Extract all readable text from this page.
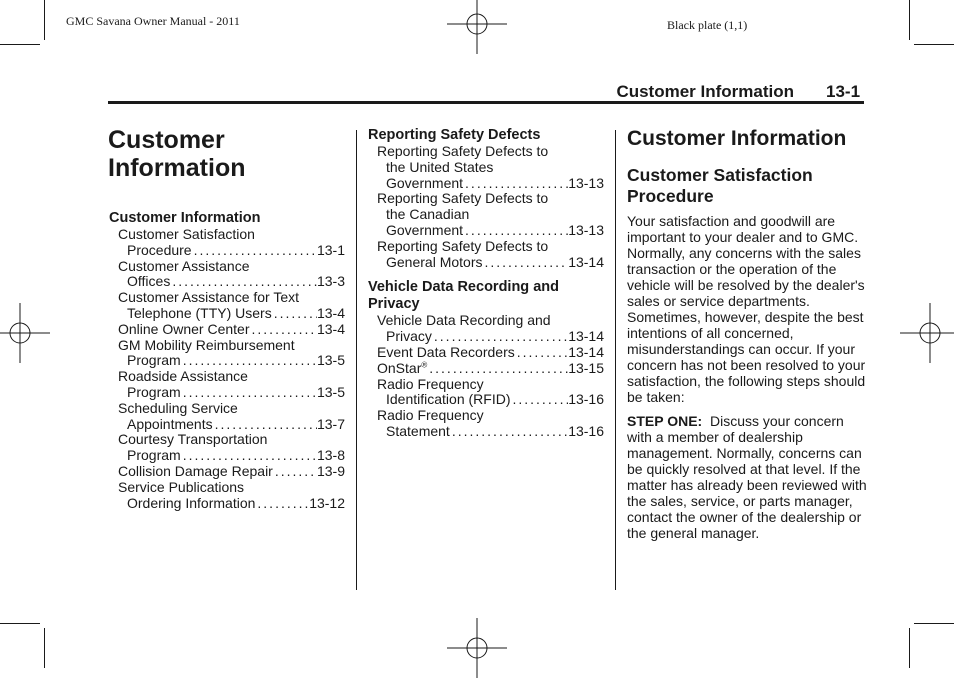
GMC Savana Owner Manual - 2011	Black plate (1,1)
Customer Information 13-1
Customer Information
Customer Information
Customer Satisfaction
Procedure .....	13-1
Customer Assistance
Offices .....	13-3
Customer Assistance for Text
Telephone (TTY) Users .....	13-4
Online Owner Center .....	13-4
GM Mobility Reimbursement
Program .....	13-5
Roadside Assistance
Program .....	13-5
Scheduling Service
Appointments .....	13-7
Courtesy Transportation
Program .....	13-8
Collision Damage Repair .....	13-9
Service Publications
Ordering Information .....	13-12
Reporting Safety Defects
Reporting Safety Defects to
the United States
Government .....	13-13
Reporting Safety Defects to
the Canadian
Government .....	13-13
Reporting Safety Defects to
General Motors .....	13-14
Vehicle Data Recording and Privacy
Vehicle Data Recording and
Privacy .....	13-14
Event Data Recorders .....	13-14
OnStar® .....	13-15
Radio Frequency
Identification (RFID) .....	13-16
Radio Frequency
Statement .....	13-16
Customer Information
Customer Satisfaction Procedure
Your satisfaction and goodwill are important to your dealer and to GMC. Normally, any concerns with the sales transaction or the operation of the vehicle will be resolved by the dealer's sales or service departments. Sometimes, however, despite the best intentions of all concerned, misunderstandings can occur. If your concern has not been resolved to your satisfaction, the following steps should be taken:
STEP ONE: Discuss your concern with a member of dealership management. Normally, concerns can be quickly resolved at that level. If the matter has already been reviewed with the sales, service, or parts manager, contact the owner of the dealership or the general manager.
